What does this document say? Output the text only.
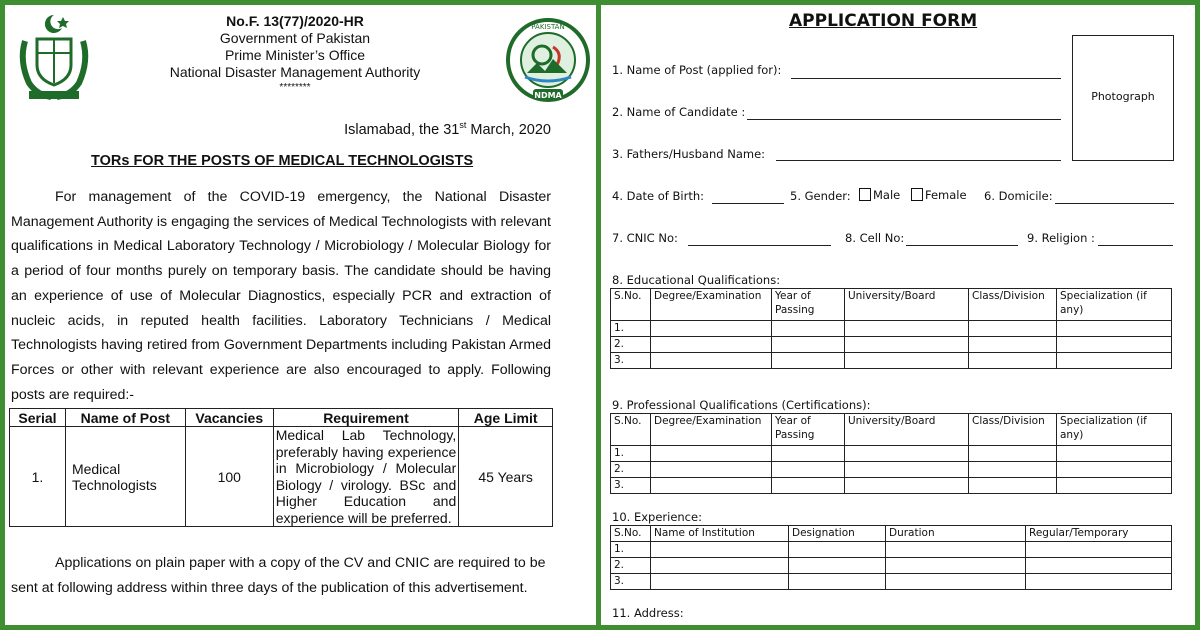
No.F. 13(77)/2020-HR
Government of Pakistan
Prime Minister’s Office
National Disaster Management Authority
********
PAKISTAN
NDMA
Islamabad, the 31st March, 2020
TORs FOR THE POSTS OF MEDICAL TECHNOLOGISTS
For management of the COVID-19 emergency, the National Disaster Management Authority is engaging the services of Medical Technologists with relevant qualifications in Medical Laboratory Technology / Microbiology / Molecular Biology for a period of four months purely on temporary basis. The candidate should be having an experience of use of Molecular Diagnostics, especially PCR and extraction of nucleic acids, in reputed health facilities. Laboratory Technicians / Medical Technologists having retired from Government Departments including Pakistan Armed Forces or other with relevant experience are also encouraged to apply. Following posts are required:-
Serial	Name of Post	Vacancies	Requirement	Age Limit
1.	Medical Technologists	100	Medical Lab Technology, preferably having experience in Microbiology / Molecular Biology / virology. BSc and Higher Education and experience will be preferred.	45 Years
Applications on plain paper with a copy of the CV and CNIC are required to be sent at following address within three days of the publication of this advertisement.
APPLICATION FORM
Photograph
1. Name of Post (applied for):
2. Name of Candidate :
3. Fathers/Husband Name:
4. Date of Birth:	5. Gender:	Male	Female 6. Domicile:
7. CNIC No:	8. Cell No:	9. Religion :
8. Educational Qualifications:
S.No.	Degree/Examination	Year of Passing	University/Board	Class/Division	Specialization (if any)
1.					
2.					
3.					
9. Professional Qualifications (Certifications):
S.No.	Degree/Examination	Year of Passing	University/Board	Class/Division	Specialization (if any)
1.					
2.					
3.					
10. Experience:
S.No.	Name of Institution	Designation	Duration	Regular/Temporary
1.				
2.				
3.				
11. Address:
